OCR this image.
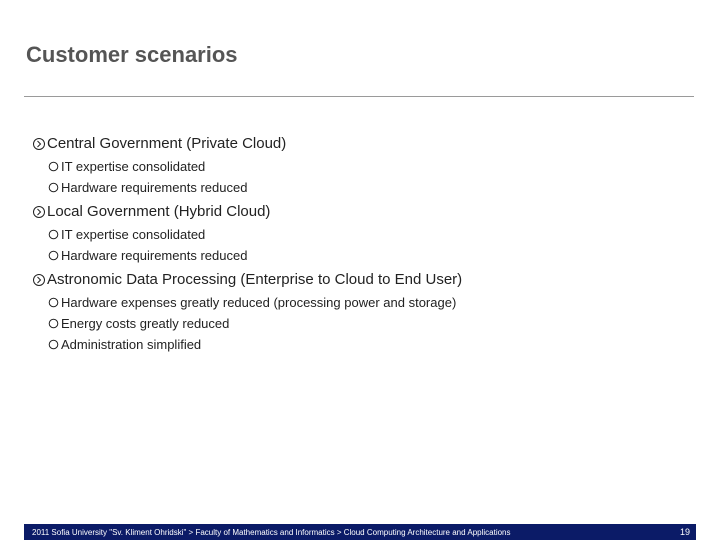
Customer scenarios
Central Government (Private Cloud)
IT expertise consolidated
Hardware requirements reduced
Local Government (Hybrid Cloud)
IT expertise consolidated
Hardware requirements reduced
Astronomic Data Processing (Enterprise to Cloud to End User)
Hardware expenses greatly reduced (processing power and storage)
Energy costs greatly reduced
Administration simplified
2011 Sofia University "Sv. Kliment Ohridski" > Faculty of Mathematics and Informatics > Cloud Computing Architecture and Applications	19
